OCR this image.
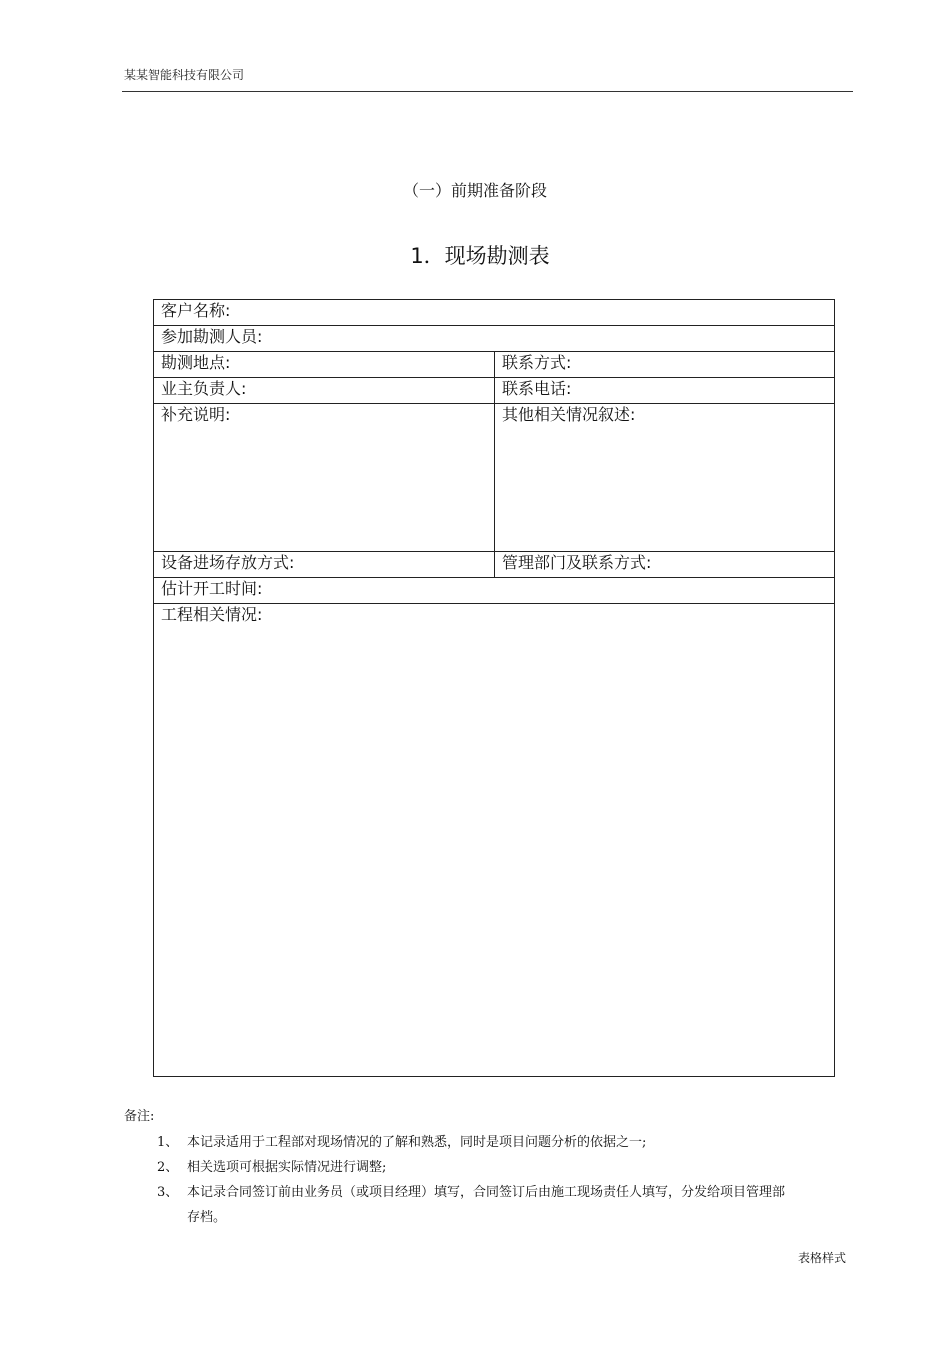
某某智能科技有限公司
（一）前期准备阶段
1．现场勘测表
客户名称:	
参加勘测人员:	
勘测地点:	联系方式:
业主负责人:	联系电话:
补充说明:	其他相关情况叙述:
设备进场存放方式:	管理部门及联系方式:
估计开工时间:	
工程相关情况:	
备注:
1、 本记录适用于工程部对现场情况的了解和熟悉，同时是项目问题分析的依据之一;
2、 相关选项可根据实际情况进行调整;
3、 本记录合同签订前由业务员（或项目经理）填写，合同签订后由施工现场责任人填写，分发给项目管理部存档。
表格样式
